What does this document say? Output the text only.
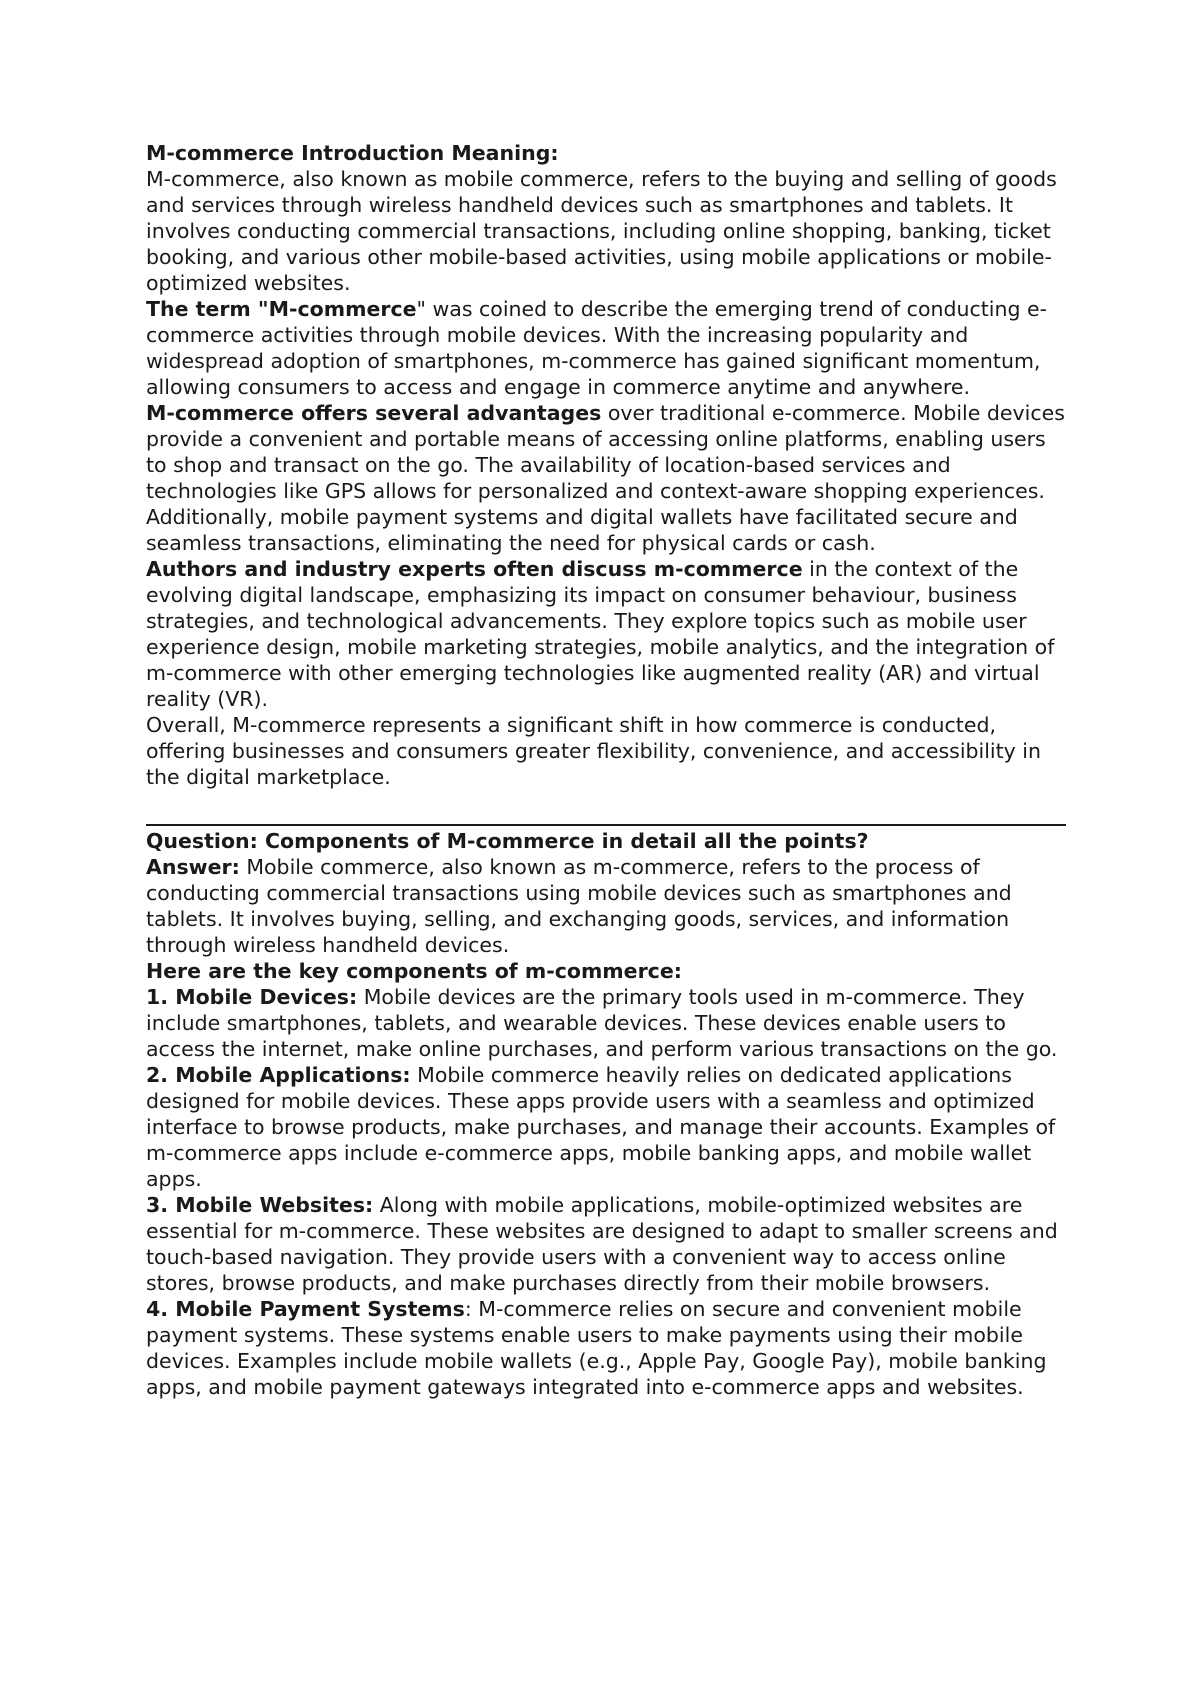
M-commerce Introduction Meaning:

M-commerce, also known as mobile commerce, refers to the buying and selling of goods and services through wireless handheld devices such as smartphones and tablets. It involves conducting commercial transactions, including online shopping, banking, ticket booking, and various other mobile-based activities, using mobile applications or mobile-optimized websites.

The term "M-commerce" was coined to describe the emerging trend of conducting e-commerce activities through mobile devices. With the increasing popularity and widespread adoption of smartphones, m-commerce has gained significant momentum, allowing consumers to access and engage in commerce anytime and anywhere.

M-commerce offers several advantages over traditional e-commerce. Mobile devices provide a convenient and portable means of accessing online platforms, enabling users to shop and transact on the go. The availability of location-based services and technologies like GPS allows for personalized and context-aware shopping experiences. Additionally, mobile payment systems and digital wallets have facilitated secure and seamless transactions, eliminating the need for physical cards or cash.

Authors and industry experts often discuss m-commerce in the context of the evolving digital landscape, emphasizing its impact on consumer behaviour, business strategies, and technological advancements. They explore topics such as mobile user experience design, mobile marketing strategies, mobile analytics, and the integration of m-commerce with other emerging technologies like augmented reality (AR) and virtual reality (VR).

Overall, M-commerce represents a significant shift in how commerce is conducted, offering businesses and consumers greater flexibility, convenience, and accessibility in the digital marketplace.

Question: Components of M-commerce in detail all the points?

Answer: Mobile commerce, also known as m-commerce, refers to the process of conducting commercial transactions using mobile devices such as smartphones and tablets. It involves buying, selling, and exchanging goods, services, and information through wireless handheld devices.

Here are the key components of m-commerce:

1. Mobile Devices: Mobile devices are the primary tools used in m-commerce. They include smartphones, tablets, and wearable devices. These devices enable users to access the internet, make online purchases, and perform various transactions on the go.

2. Mobile Applications: Mobile commerce heavily relies on dedicated applications designed for mobile devices. These apps provide users with a seamless and optimized interface to browse products, make purchases, and manage their accounts. Examples of m-commerce apps include e-commerce apps, mobile banking apps, and mobile wallet apps.

3. Mobile Websites: Along with mobile applications, mobile-optimized websites are essential for m-commerce. These websites are designed to adapt to smaller screens and touch-based navigation. They provide users with a convenient way to access online stores, browse products, and make purchases directly from their mobile browsers.

4. Mobile Payment Systems: M-commerce relies on secure and convenient mobile payment systems. These systems enable users to make payments using their mobile devices. Examples include mobile wallets (e.g., Apple Pay, Google Pay), mobile banking apps, and mobile payment gateways integrated into e-commerce apps and websites.
